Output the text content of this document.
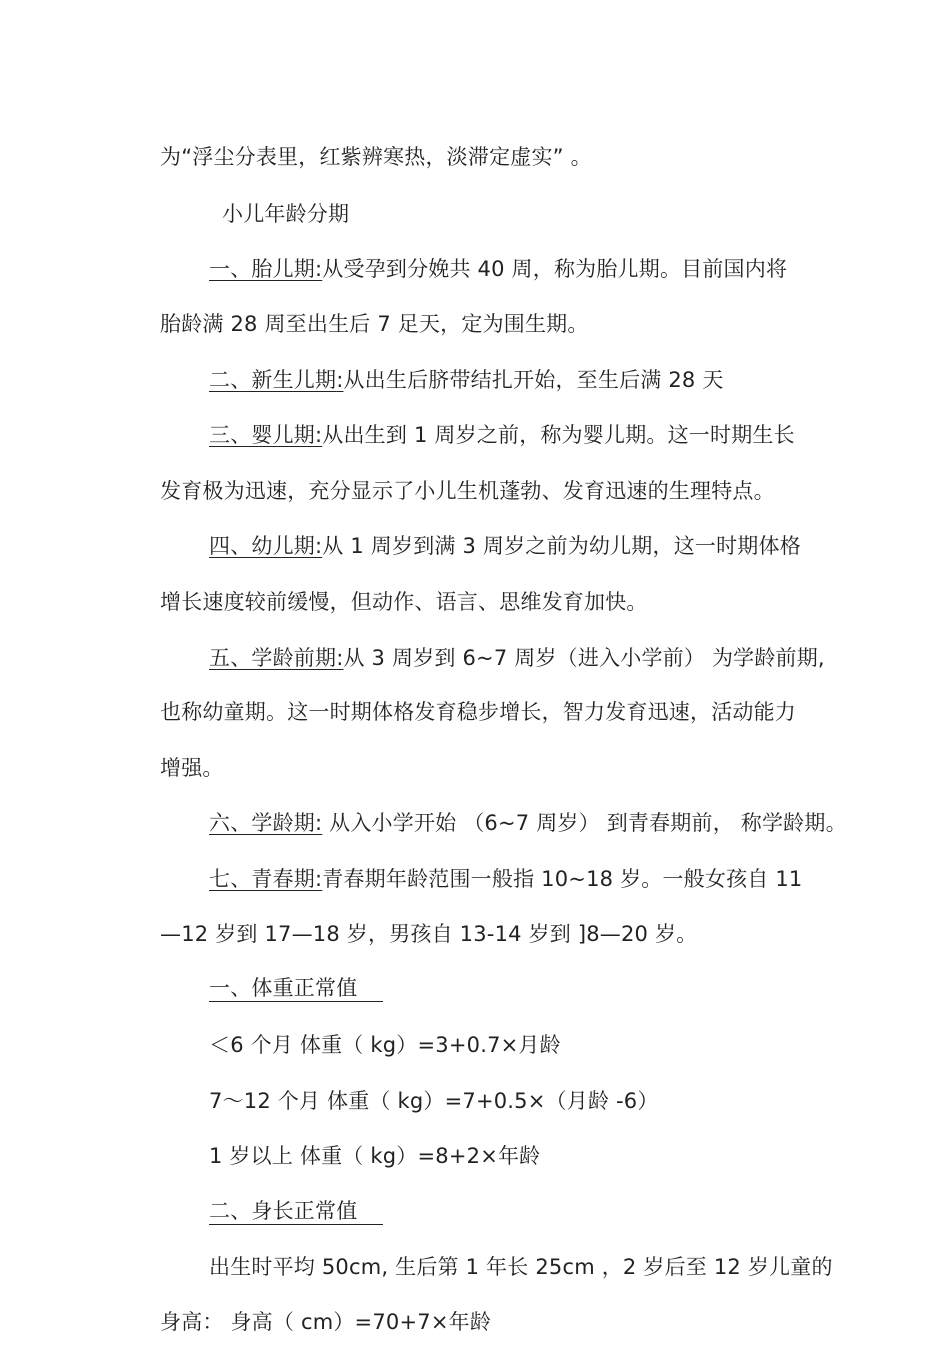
为“浮尘分表里，红紫辨寒热，淡滞定虚实” 。
小儿年龄分期
一、胎儿期:从受孕到分娩共 40 周，称为胎儿期。目前国内将
胎龄满 28 周至出生后 7 足天，定为围生期。
二、新生儿期:从出生后脐带结扎开始，至生后满 28 天
三、婴儿期:从出生到 1 周岁之前，称为婴儿期。这一时期生长
发育极为迅速，充分显示了小儿生机蓬勃、发育迅速的生理特点。
四、幼儿期:从 1 周岁到满 3 周岁之前为幼儿期，这一时期体格
增长速度较前缓慢，但动作、语言、思维发育加快。
五、学龄前期:从 3 周岁到 6~7 周岁（进入小学前） 为学龄前期,
也称幼童期。这一时期体格发育稳步增长，智力发育迅速，活动能力
增强。
六、学龄期: 从入小学开始 （6~7 周岁） 到青春期前， 称学龄期。
七、青春期:青春期年龄范围一般指 10~18 岁。一般女孩自 11
—12 岁到 17—18 岁，男孩自 13-14 岁到 ]8—20 岁。
一、体重正常值
＜6 个月 体重（ kg）=3+0.7×月龄
7～12 个月 体重（ kg）=7+0.5×（月龄 -6）
1 岁以上 体重（ kg）=8+2×年龄
二、身长正常值
出生时平均 50cm, 生后第 1 年长 25cm ，2 岁后至 12 岁儿童的
身高： 身高（ cm）=70+7×年龄
